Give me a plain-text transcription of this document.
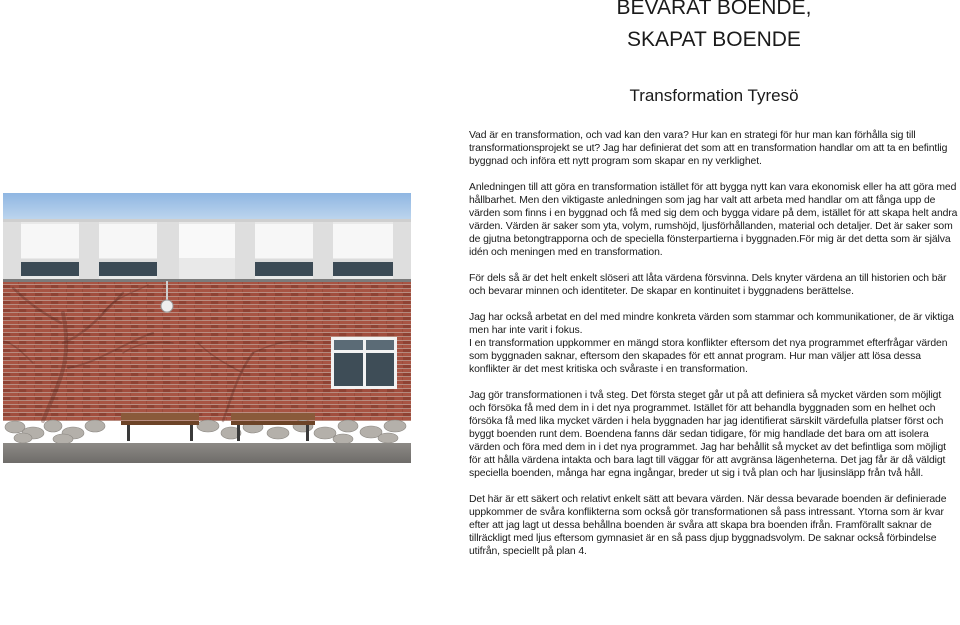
BEVARAT BOENDE,
SKAPAT BOENDE
Transformation Tyresö

Vad är en transformation, och vad kan den vara? Hur kan en strategi för hur man kan förhålla sig till transformationsprojekt se ut? Jag har definierat det som att en transformation handlar om att ta en befintlig byggnad och införa ett nytt program som skapar en ny verklighet.

Anledningen till att göra en transformation istället för att bygga nytt kan vara ekonomisk eller ha att göra med hållbarhet. Men den viktigaste anledningen som jag har valt att arbeta med handlar om att fånga upp de värden som finns i en byggnad och få med sig dem och bygga vidare på dem, istället för att skapa helt andra värden. Värden är saker som yta, volym, rumshöjd, ljusförhållanden, material och detaljer. Det är saker som de gjutna betongtrapporna och de speciella fönsterpartierna i byggnaden.För mig är det detta som är själva idén och meningen med en transformation.

För dels så är det helt enkelt slöseri att låta värdena försvinna. Dels knyter värdena an till historien och bär och bevarar minnen och identiteter. De skapar en kontinuitet i byggnadens berättelse.

Jag har också arbetat en del med mindre konkreta värden som stammar och kommunikationer, de är viktiga men har inte varit i fokus.

I en transformation uppkommer en mängd stora konflikter eftersom det nya programmet efterfrågar värden som byggnaden saknar, eftersom den skapades för ett annat program. Hur man väljer att lösa dessa konflikter är det mest kritiska och svåraste i en transformation.

Jag gör transformationen i två steg. Det första steget går ut på att definiera så mycket värden som möjligt och försöka få med dem in i det nya programmet. Istället för att behandla byggnaden som en helhet och försöka få med lika mycket värden i hela byggnaden har jag identifierat särskilt värdefulla platser först och byggt boenden runt dem. Boendena fanns där sedan tidigare, för mig handlade det bara om att isolera värden och föra med dem in i det nya programmet. Jag har behållit så mycket av det befintliga som möjligt för att hålla värdena intakta och bara lagt till väggar för att avgränsa lägenheterna. Det jag får är då väldigt speciella boenden, många har egna ingångar, breder ut sig i två plan och har ljusinsläpp från två håll.

Det här är ett säkert och relativt enkelt sätt att bevara värden. När dessa bevarade boenden är definierade uppkommer de svåra konflikterna som också gör transformationen så pass intressant. Ytorna som är kvar efter att jag lagt ut dessa behållna boenden är svåra att skapa bra boenden ifrån. Framförallt saknar de tillräckligt med ljus eftersom gymnasiet är en så pass djup byggnadsvolym. De saknar också förbindelse utifrån, speciellt på plan 4.
